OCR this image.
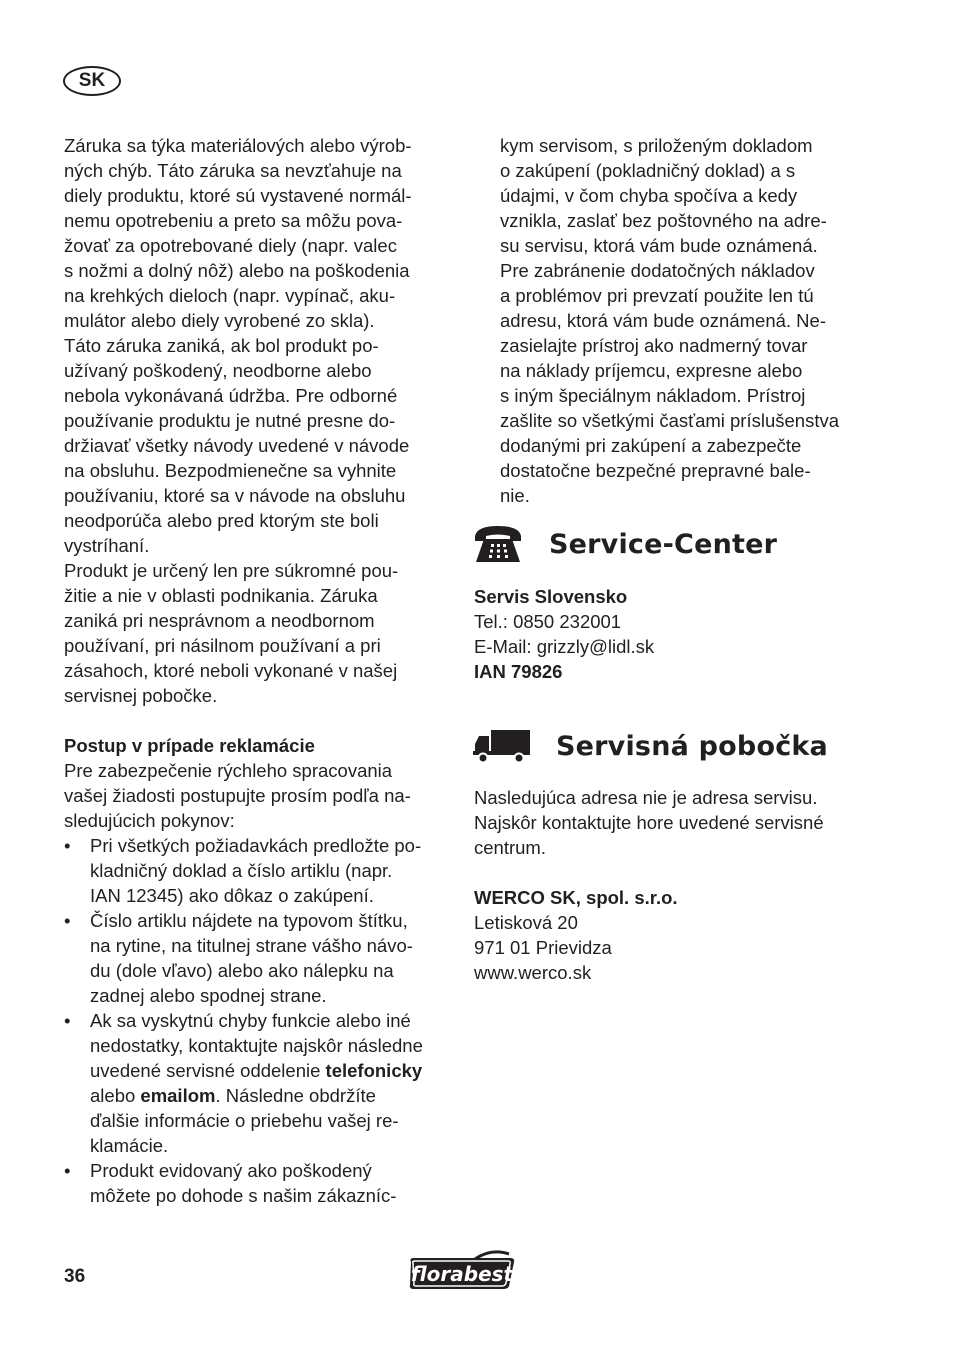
SK
Záruka sa týka materiálových alebo výrob-
ných chýb. Táto záruka sa nevzťahuje na
diely produktu, ktoré sú vystavené normál-
nemu opotrebeniu a preto sa môžu pova-
žovať za opotrebované diely (napr. valec
s nožmi a dolný nôž) alebo na poškodenia
na krehkých dieloch (napr. vypínač, aku-
mulátor alebo diely vyrobené zo skla).
Táto záruka zaniká, ak bol produkt po-
užívaný poškodený, neodborne alebo
nebola vykonávaná údržba. Pre odborné
používanie produktu je nutné presne do-
držiavať všetky návody uvedené v návode
na obsluhu. Bezpodmienečne sa vyhnite
používaniu, ktoré sa v návode na obsluhu
neodporúča alebo pred ktorým ste boli
vystríhaní.
Produkt je určený len pre súkromné pou-
žitie a nie v oblasti podnikania. Záruka
zaniká pri nesprávnom a neodbornom
používaní, pri násilnom používaní a pri
zásahoch, ktoré neboli vykonané v našej
servisnej pobočke.
Postup v prípade reklamácie
Pre zabezpečenie rýchleho spracovania
vašej žiadosti postupujte prosím podľa na-
sledujúcich pokynov:
• Pri všetkých požiadavkách predložte po-
kladničný doklad a číslo artiklu (napr.
IAN 12345) ako dôkaz o zakúpení.
• Číslo artiklu nájdete na typovom štítku,
na rytine, na titulnej strane vášho návo-
du (dole vľavo) alebo ako nálepku na
zadnej alebo spodnej strane.
• Ak sa vyskytnú chyby funkcie alebo iné
nedostatky, kontaktujte najskôr následne
uvedené servisné oddelenie telefonicky
alebo emailom. Následne obdržíte
ďalšie informácie o priebehu vašej re-
klamácie.
• Produkt evidovaný ako poškodený
môžete po dohode s našim zákazníc-
kym servisom, s priloženým dokladom
o zakúpení (pokladničný doklad) a s
údajmi, v čom chyba spočíva a kedy
vznikla, zaslať bez poštovného na adre-
su servisu, ktorá vám bude oznámená.
Pre zabránenie dodatočných nákladov
a problémov pri prevzatí použite len tú
adresu, ktorá vám bude oznámená. Ne-
zasielajte prístroj ako nadmerný tovar
na náklady príjemcu, expresne alebo
s iným špeciálnym nákladom. Prístroj
zašlite so všetkými časťami príslušenstva
dodanými pri zakúpení a zabezpečte
dostatočne bezpečné prepravné bale-
nie.
Service-Center
Servis Slovensko
Tel.: 0850 232001
E-Mail: grizzly@lidl.sk
IAN 79826
Servisná pobočka
Nasledujúca adresa nie je adresa servisu.
Najskôr kontaktujte hore uvedené servisné
centrum.
WERCO SK, spol. s.r.o.
Letisková 20
971 01 Prievidza
www.werco.sk
36	florabest
